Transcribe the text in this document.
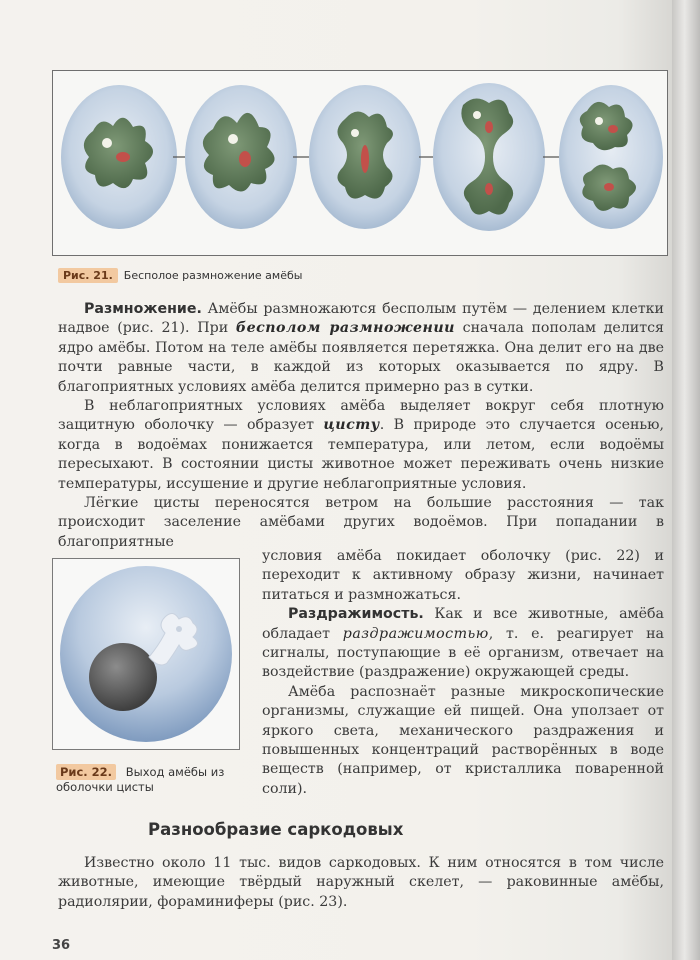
Рис. 21.	Бесполое размножение амёбы

Размножение. Амёбы размножаются бесполым путём — делением клетки надвое (рис. 21). При бесполом размножении сначала пополам делится ядро амёбы. Потом на теле амёбы появляется перетяжка. Она делит его на две почти равные части, в каждой из которых оказывается по ядру. В благоприятных условиях амёба делится примерно раз в сутки.

В неблагоприятных условиях амёба выделяет вокруг себя плотную защитную оболочку — образует цисту. В природе это случается осенью, когда в водоёмах понижается температура, или летом, если водоёмы пересыхают. В состоянии цисты животное может переживать очень низкие температуры, иссушение и другие неблагоприятные условия.

Лёгкие цисты переносятся ветром на большие расстояния — так происходит заселение амёбами других водоёмов. При попадании в благоприятные

условия амёба покидает оболочку (рис. 22) и переходит к активному образу жизни, начинает питаться и размножаться.

Раздражимость. Как и все животные, амёба обладает раздражимостью, т. е. реагирует на сигналы, поступающие в её организм, отвечает на воздействие (раздражение) окружающей среды.

Амёба распознаёт разные микроскопические организмы, служащие ей пищей. Она уползает от яркого света, механического раздражения и повышенных концентраций растворённых в воде веществ (например, от кристаллика поваренной соли).

Рис. 22. Выход амёбы из оболочки цисты
Разнообразие саркодовых

Известно около 11 тыс. видов саркодовых. К ним относятся в том числе животные, имеющие твёрдый наружный скелет, — раковинные амёбы, радиолярии, фораминиферы (рис. 23).

36
